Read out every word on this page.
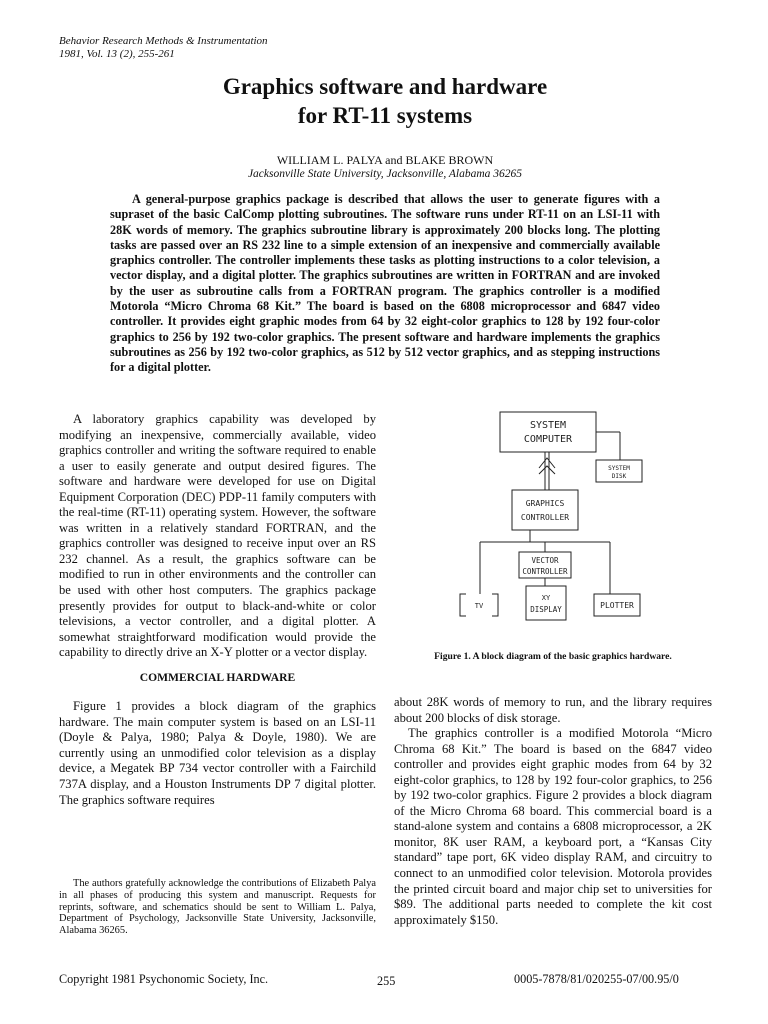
Behavior Research Methods & Instrumentation
1981, Vol. 13 (2), 255-261
Graphics software and hardware
for RT-11 systems
WILLIAM L. PALYA and BLAKE BROWN
Jacksonville State University, Jacksonville, Alabama 36265

A general-purpose graphics package is described that allows the user to generate figures with a supraset of the basic CalComp plotting subroutines. The software runs under RT-11 on an LSI-11 with 28K words of memory. The graphics subroutine library is approximately 200 blocks long. The plotting tasks are passed over an RS 232 line to a simple extension of an inexpensive and commercially available graphics controller. The controller implements these tasks as plotting instructions to a color television, a vector display, and a digital plotter. The graphics subroutines are written in FORTRAN and are invoked by the user as subroutine calls from a FORTRAN program. The graphics controller is a modified Motorola “Micro Chroma 68 Kit.” The board is based on the 6808 microprocessor and 6847 video controller. It provides eight graphic modes from 64 by 32 eight-color graphics to 128 by 192 four-color graphics to 256 by 192 two-color graphics. The present software and hardware implements the graphics subroutines as 256 by 192 two-color graphics, as 512 by 512 vector graphics, and as stepping instructions for a digital plotter.

A laboratory graphics capability was developed by modifying an inexpensive, commercially available, video graphics controller and writing the software required to enable a user to easily generate and output desired figures. The software and hardware were developed for use on Digital Equipment Corporation (DEC) PDP-11 family computers with the real-time (RT-11) operating system. However, the software was written in a relatively standard FORTRAN, and the graphics controller was designed to receive input over an RS 232 channel. As a result, the graphics software can be modified to run in other environments and the controller can be used with other host computers. The graphics package presently provides for output to black-and-white or color televisions, a vector controller, and a digital plotter. A somewhat straightforward modification would provide the capability to directly drive an X-Y plotter or a vector display.

COMMERCIAL HARDWARE

Figure 1 provides a block diagram of the graphics hardware. The main computer system is based on an LSI-11 (Doyle & Palya, 1980; Palya & Doyle, 1980). We are currently using an unmodified color television as a display device, a Megatek BP 734 vector controller with a Fairchild 737A display, and a Houston Instruments DP 7 digital plotter. The graphics software requires

The authors gratefully acknowledge the contributions of Elizabeth Palya in all phases of producing this system and manuscript. Requests for reprints, software, and schematics should be sent to William L. Palya, Department of Psychology, Jacksonville State University, Jacksonville, Alabama 36265.

SYSTEM
COMPUTER
GRAPHICS
CONTROLLER
VECTOR
CONTROLLER
SYSTEM
DISK
TV
XY
DISPLAY	PLOTTER
Figure 1. A block diagram of the basic graphics hardware.

about 28K words of memory to run, and the library requires about 200 blocks of disk storage.

The graphics controller is a modified Motorola “Micro Chroma 68 Kit.” The board is based on the 6847 video controller and provides eight graphic modes from 64 by 32 eight-color graphics, to 128 by 192 four-color graphics, to 256 by 192 two-color graphics. Figure 2 provides a block diagram of the Micro Chroma 68 board. This commercial board is a stand-alone system and contains a 6808 microprocessor, a 2K monitor, 8K user RAM, a keyboard port, a “Kansas City standard” tape port, 6K video display RAM, and circuitry to connect to an unmodified color television. Motorola provides the printed circuit board and major chip set to universities for $89. The additional parts needed to complete the kit cost approximately $150.

Copyright 1981 Psychonomic Society, Inc.	255	0005-7878/81/020255-07/00.95/0
